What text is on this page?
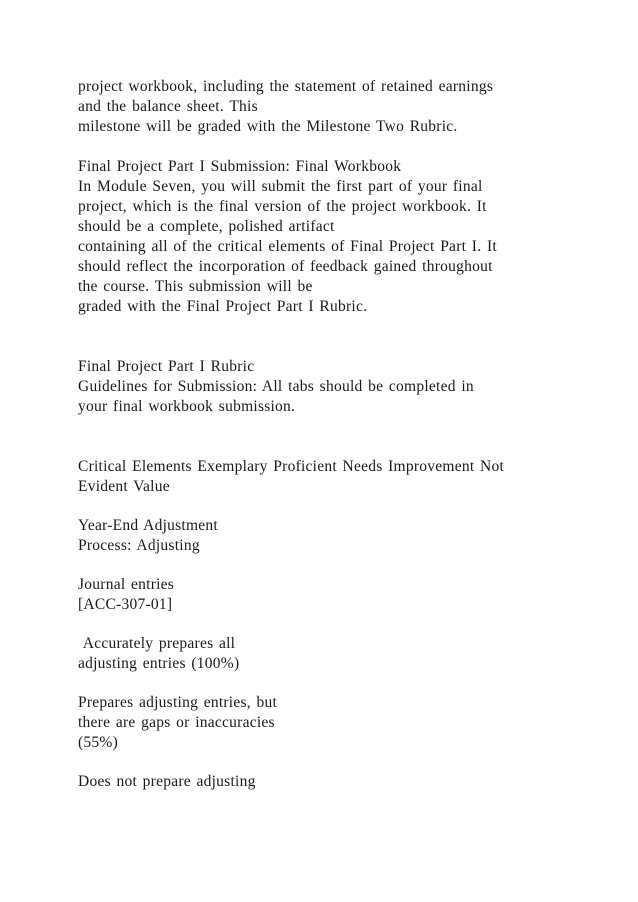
project workbook, including the statement of retained earnings
and the balance sheet. This
milestone will be graded with the Milestone Two Rubric.
Final Project Part I Submission: Final Workbook
In Module Seven, you will submit the first part of your final
project, which is the final version of the project workbook. It
should be a complete, polished artifact
containing all of the critical elements of Final Project Part I. It
should reflect the incorporation of feedback gained throughout
the course. This submission will be
graded with the Final Project Part I Rubric.
Final Project Part I Rubric
Guidelines for Submission: All tabs should be completed in
your final workbook submission.
Critical Elements Exemplary Proficient Needs Improvement Not
Evident Value
Year-End Adjustment
Process: Adjusting
Journal entries
[ACC-307-01]
Accurately prepares all
adjusting entries (100%)
Prepares adjusting entries, but
there are gaps or inaccuracies
(55%)
Does not prepare adjusting
